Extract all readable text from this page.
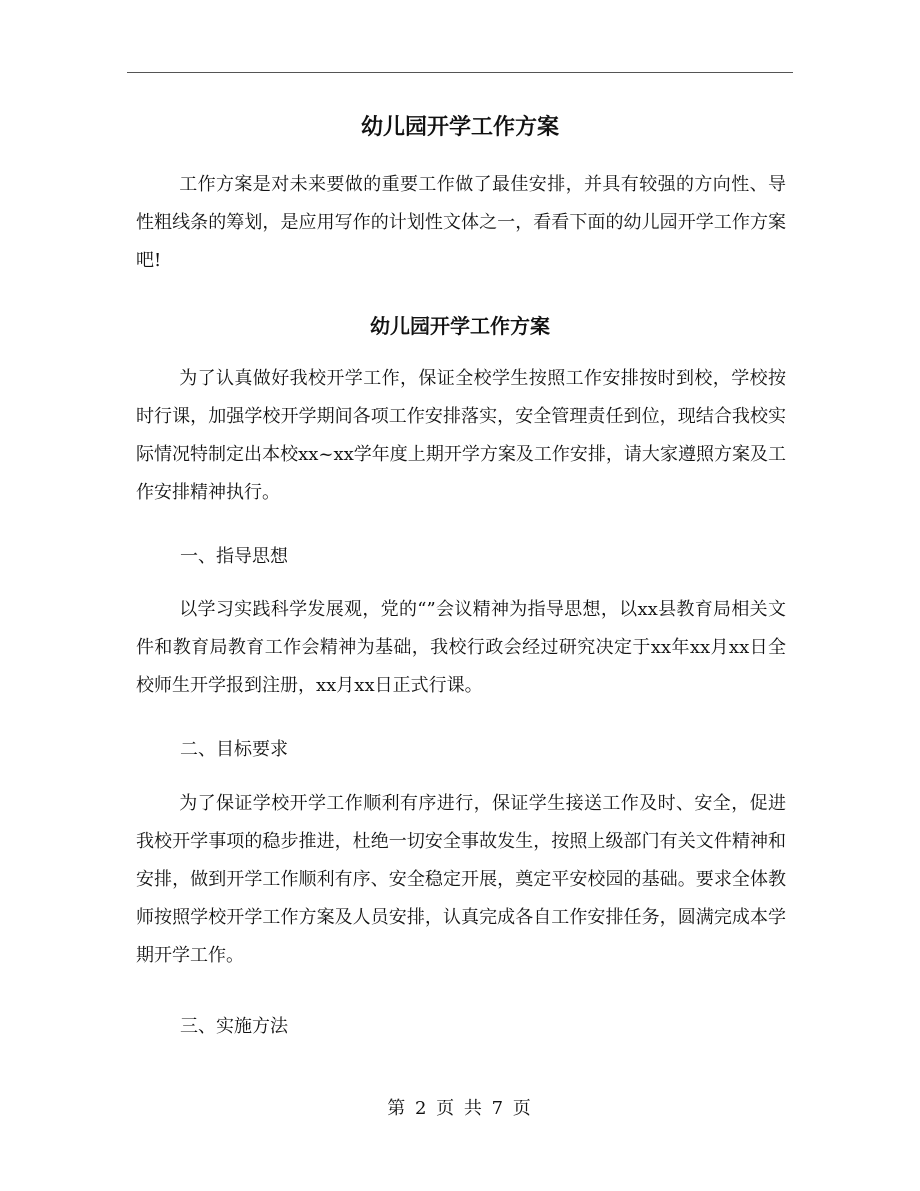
幼儿园开学工作方案

工作方案是对未来要做的重要工作做了最佳安排，并具有较强的方向性、导性粗线条的筹划，是应用写作的计划性文体之一，看看下面的幼儿园开学工作方案吧!

幼儿园开学工作方案

为了认真做好我校开学工作，保证全校学生按照工作安排按时到校，学校按时行课，加强学校开学期间各项工作安排落实，安全管理责任到位，现结合我校实际情况特制定出本校xx~xx学年度上期开学方案及工作安排，请大家遵照方案及工作安排精神执行。

一、指导思想

以学习实践科学发展观，党的“”会议精神为指导思想，以xx县教育局相关文件和教育局教育工作会精神为基础，我校行政会经过研究决定于xx年xx月xx日全校师生开学报到注册，xx月xx日正式行课。

二、目标要求

为了保证学校开学工作顺利有序进行，保证学生接送工作及时、安全，促进我校开学事项的稳步推进，杜绝一切安全事故发生，按照上级部门有关文件精神和安排，做到开学工作顺利有序、安全稳定开展，奠定平安校园的基础。要求全体教师按照学校开学工作方案及人员安排，认真完成各自工作安排任务，圆满完成本学期开学工作。

三、实施方法
第 2 页 共 7 页
